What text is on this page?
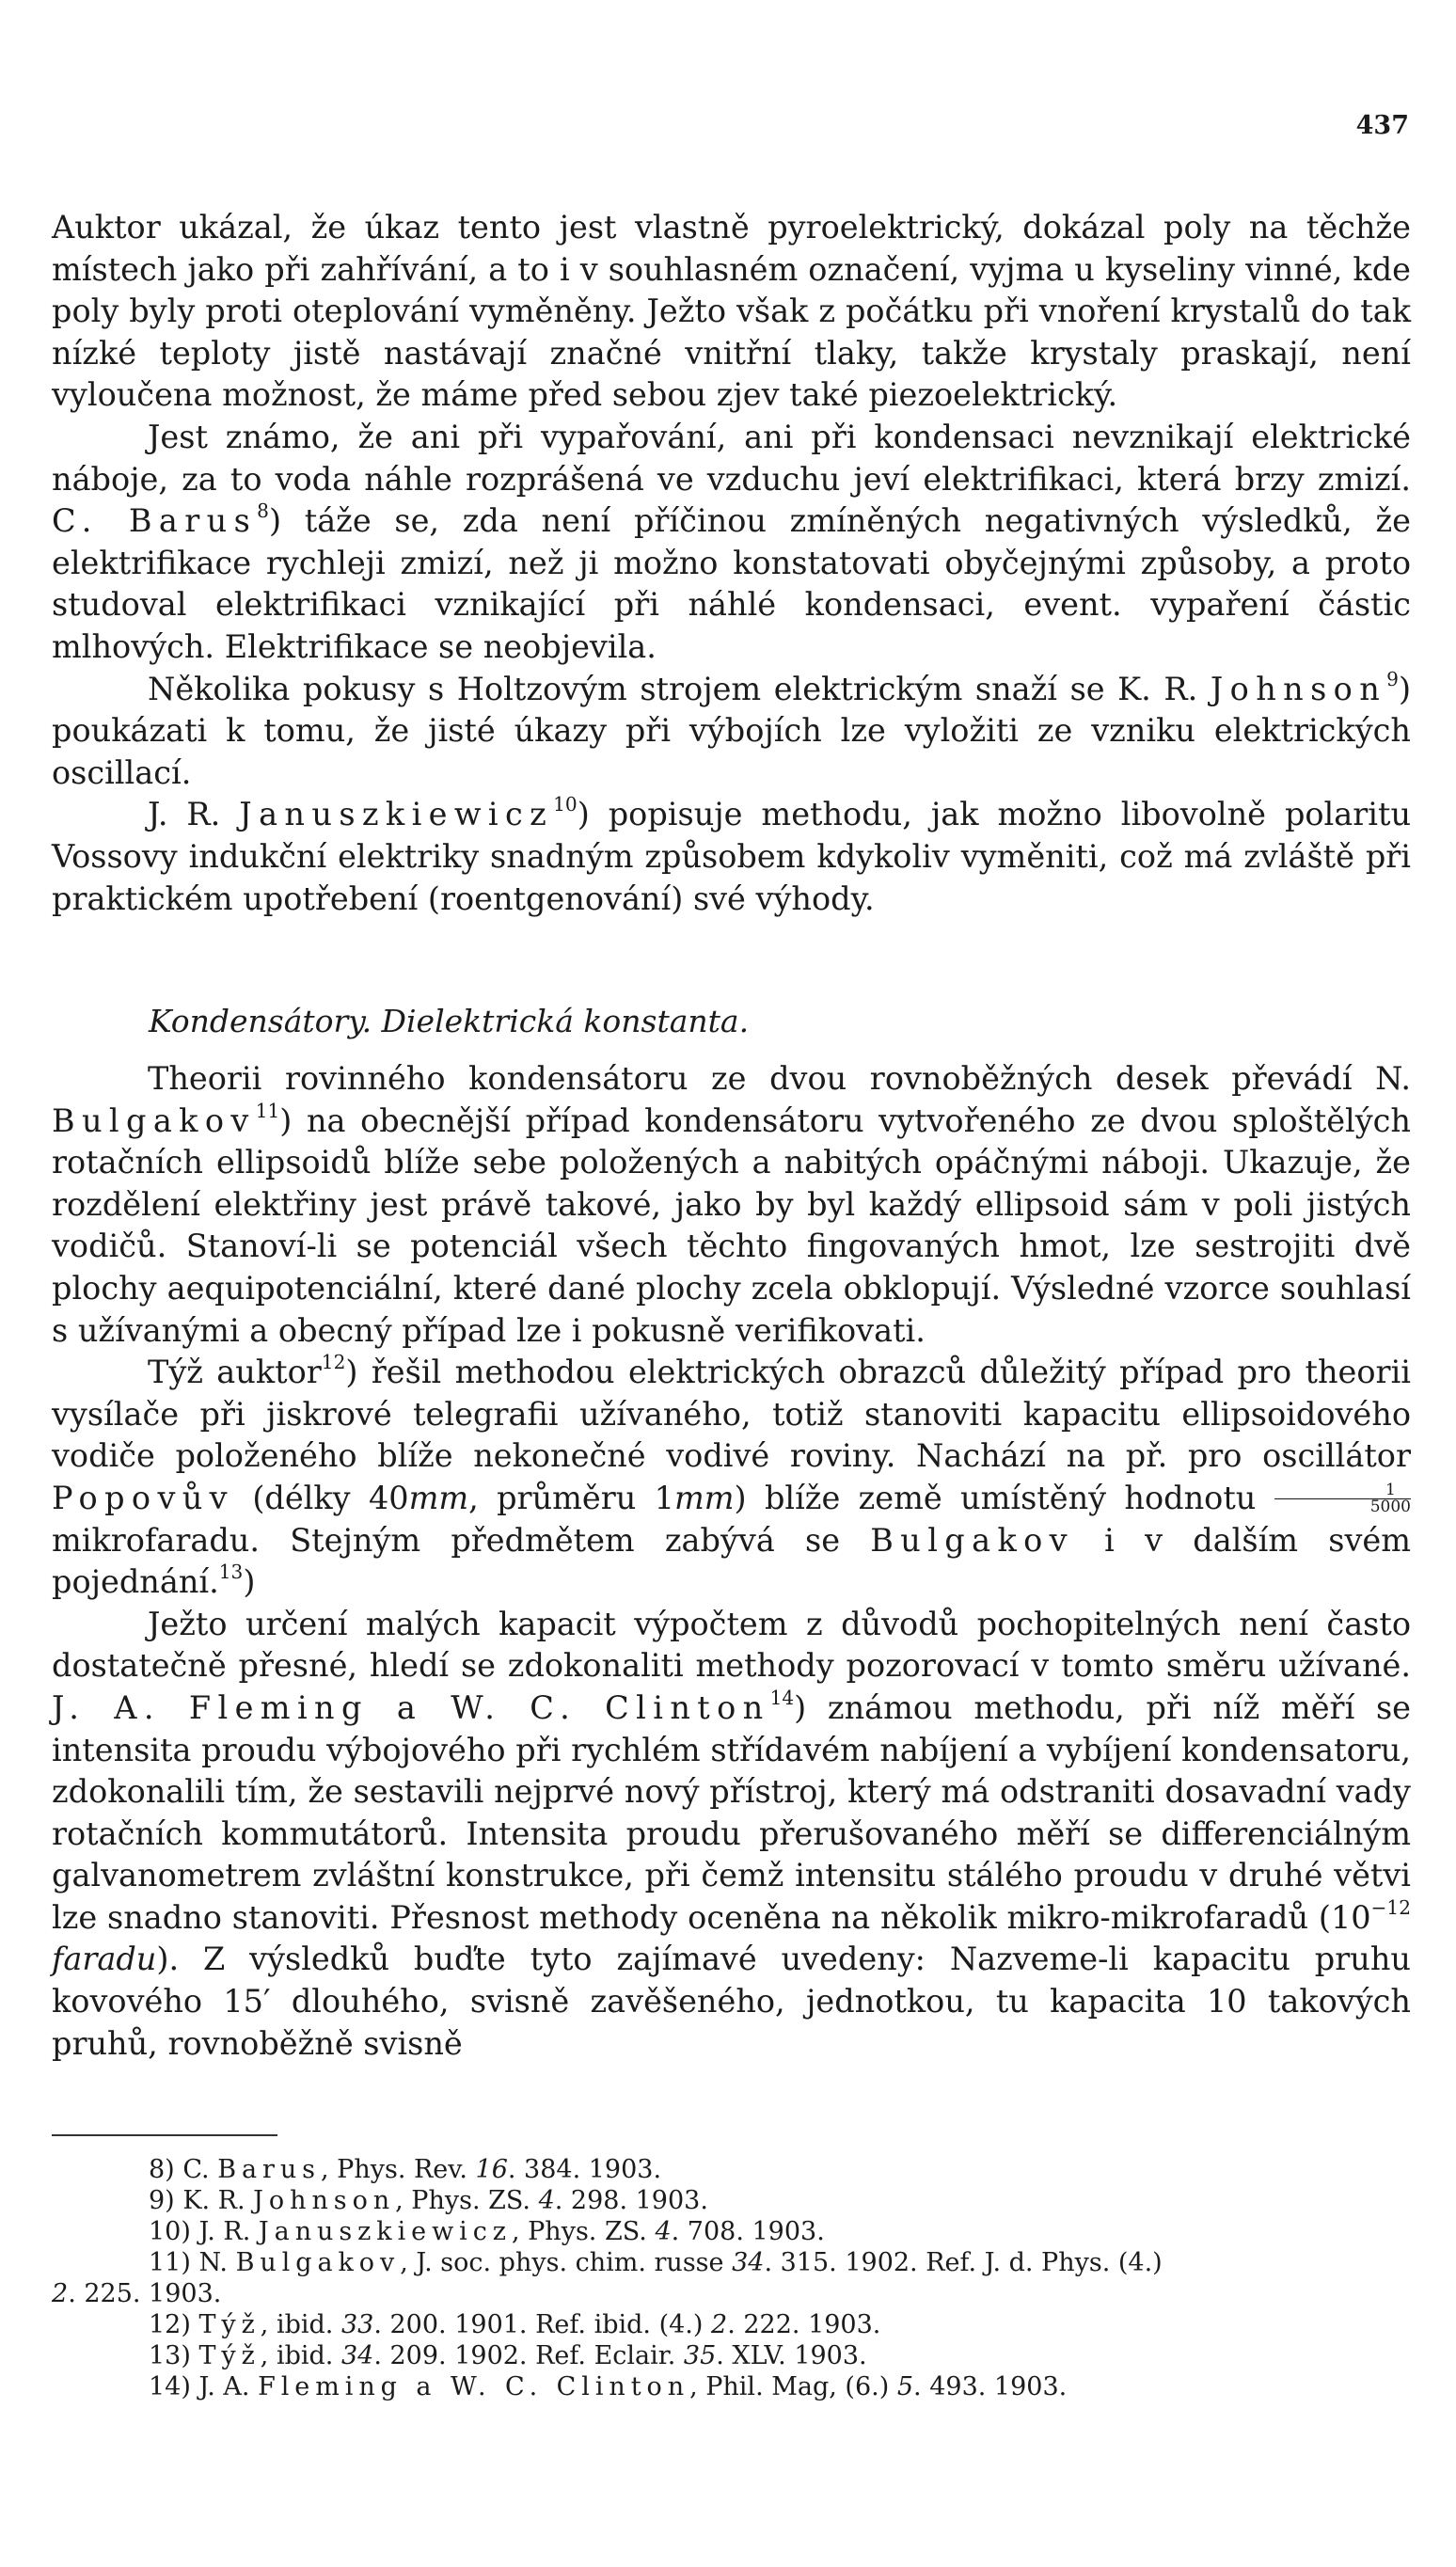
437

Auktor ukázal, že úkaz tento jest vlastně pyroelektrický, dokázal poly na těchže místech jako při zahřívání, a to i v souhlasném označení, vyjma u kyseliny vinné, kde poly byly proti oteplování vyměněny. Ježto však z počátku při vnoření krystalů do tak nízké teploty jistě nastávají značné vnitřní tlaky, takže krystaly praskají, není vyloučena možnost, že máme před sebou zjev také piezoelektrický.

Jest známo, že ani při vypařování, ani při kondensaci nevznikají elektrické náboje, za to voda náhle rozprášená ve vzduchu jeví elektrifikaci, která brzy zmizí. C. Barus$^8$) táže se, zda není příčinou zmíněných negativných výsledků, že elektrifikace rychleji zmizí, než ji možno konstatovati obyčejnými způsoby, a proto studoval elektrifikaci vznikající při náhlé kondensaci, event. vypaření částic mlhových. Elektrifikace se neobjevila.

Několika pokusy s Holtzovým strojem elektrickým snaží se K. R. Johnson$^9$) poukázati k tomu, že jisté úkazy při výbojích lze vyložiti ze vzniku elektrických oscillací.

J. R. Januszkiewicz$^{10}$) popisuje methodu, jak možno libovolně polaritu Vossovy indukční elektriky snadným způsobem kdykoliv vyměniti, což má zvláště při praktickém upotřebení (roentgenování) své výhody.

Kondensátory. Dielektrická konstanta.

Theorii rovinného kondensátoru ze dvou rovnoběžných desek převádí N. Bulgakov$^{11}$) na obecnější případ kondensátoru vytvořeného ze dvou sploštělých rotačních ellipsoidů blíže sebe položených a nabitých opáčnými náboji. Ukazuje, že rozdělení elektřiny jest právě takové, jako by byl každý ellipsoid sám v poli jistých vodičů. Stanoví-li se potenciál všech těchto fingovaných hmot, lze sestrojiti dvě plochy aequipotenciální, které dané plochy zcela obklopují. Výsledné vzorce souhlasí s užívanými a obecný případ lze i pokusně verifikovati.

Týž auktor$^{12}$) řešil methodou elektrických obrazců důležitý případ pro theorii vysílače při jiskrové telegrafii užívaného, totiž stanoviti kapacitu ellipsoidového vodiče položeného blíže nekonečné vodivé roviny. Nachází na př. pro oscillátor Popovův (délky 40mm, průměru 1mm) blíže země umístěný hodnotu $\frac{1}{5000}$
mikrofaradu. Stejným předmětem zabývá se Bulgakov i v dalším svém pojednání.$^{13}$)

Ježto určení malých kapacit výpočtem z důvodů pochopitelných není často dostatečně přesné, hledí se zdokonaliti methody pozorovací v tomto směru užívané. J. A. Fleming a W. C. Clinton$^{14}$) známou methodu, při níž měří se intensita proudu výbojového při rychlém střídavém nabíjení a vybíjení kondensatoru, zdokonalili tím, že sestavili nejprvé nový přístroj, který má odstraniti dosavadní vady rotačních kommutátorů. Intensita proudu přerušovaného měří se differenciálným galvanometrem zvláštní konstrukce, při čemž intensitu stálého proudu v druhé větvi lze snadno stanoviti. Přesnost methody oceněna na několik mikro-mikrofaradů ($10^{-12}$ faradu). Z výsledků buďte tyto zajímavé uvedeny: Nazveme-li kapacitu pruhu kovového 15′ dlouhého, svisně zavěšeného, jednotkou, tu kapacita 10 takových pruhů, rovnoběžně svisně

8) C. Barus, Phys. Rev. 16. 384. 1903.

9) K. R. Johnson, Phys. ZS. 4. 298. 1903.

10) J. R. Januszkiewicz, Phys. ZS. 4. 708. 1903.

11) N. Bulgakov, J. soc. phys. chim. russe 34. 315. 1902. Ref. J. d. Phys. (4.)

2. 225. 1903.

12) Týž, ibid. 33. 200. 1901. Ref. ibid. (4.) 2. 222. 1903.

13) Týž, ibid. 34. 209. 1902. Ref. Eclair. 35. XLV. 1903.

14) J. A. Fleming a W. C. Clinton, Phil. Mag, (6.) 5. 493. 1903.
